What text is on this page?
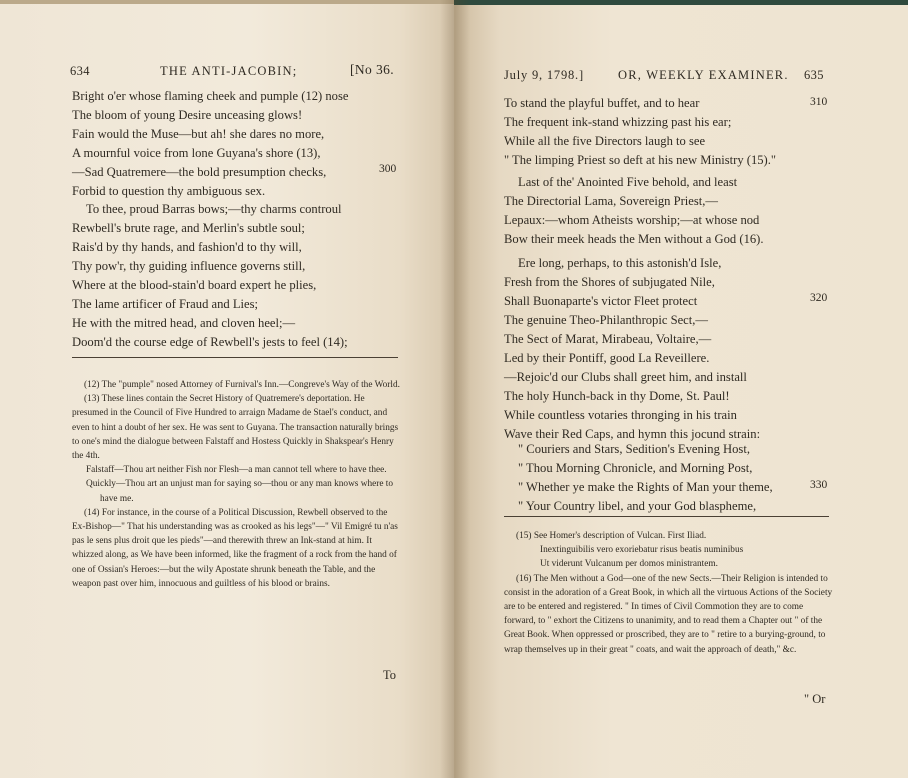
634	THE ANTI-JACOBIN;	[No 36.
Bright o'er whose flaming cheek and pumple (12) nose
The bloom of young Desire unceasing glows!
Fain would the Muse—but ah! she dares no more,
A mournful voice from lone Guyana's shore (13),
—Sad Quatremere—the bold presumption checks,
Forbid to question thy ambiguous sex.
300
To thee, proud Barras bows;—thy charms controul
Rewbell's brute rage, and Merlin's subtle soul;
Rais'd by thy hands, and fashion'd to thy will,
Thy pow'r, thy guiding influence governs still,
Where at the blood-stain'd board expert he plies,
The lame artificer of Fraud and Lies;
He with the mitred head, and cloven heel;—
Doom'd the course edge of Rewbell's jests to feel (14);

(12) The "pumple" nosed Attorney of Furnival's Inn.—Congreve's Way of the World.

(13) These lines contain the Secret History of Quatremere's deportation. He presumed in the Council of Five Hundred to arraign Madame de Stael's conduct, and even to hint a doubt of her sex. He was sent to Guyana. The transaction naturally brings to one's mind the dialogue between Falstaff and Hostess Quickly in Shakspear's Henry the 4th.

Falstaff—Thou art neither Fish nor Flesh—a man cannot tell where to have thee.

Quickly—Thou art an unjust man for saying so—thou or any man knows where to have me.

(14) For instance, in the course of a Political Discussion, Rewbell observed to the Ex-Bishop—" That his understanding was as crooked as his legs"—" Vil Emigré tu n'as pas le sens plus droit que les pieds"—and therewith threw an Ink-stand at him. It whizzed along, as We have been informed, like the fragment of a rock from the hand of one of Ossian's Heroes:—but the wily Apostate shrunk beneath the Table, and the weapon past over him, innocuous and guiltless of his blood or brains.

To
July 9, 1798.]	OR, WEEKLY EXAMINER. 635
To stand the playful buffet, and to hear
The frequent ink-stand whizzing past his ear;
While all the five Directors laugh to see
" The limping Priest so deft at his new Ministry (15)."
310
Last of the' Anointed Five behold, and least
The Directorial Lama, Sovereign Priest,—
Lepaux:—whom Atheists worship;—at whose nod
Bow their meek heads the Men without a God (16).
Ere long, perhaps, to this astonish'd Isle,
Fresh from the Shores of subjugated Nile,
Shall Buonaparte's victor Fleet protect
The genuine Theo-Philanthropic Sect,—
The Sect of Marat, Mirabeau, Voltaire,—
Led by their Pontiff, good La Reveillere.
—Rejoic'd our Clubs shall greet him, and install
The holy Hunch-back in thy Dome, St. Paul!
While countless votaries thronging in his train
Wave their Red Caps, and hymn this jocund strain:
320
" Couriers and Stars, Sedition's Evening Host,
" Thou Morning Chronicle, and Morning Post,
" Whether ye make the Rights of Man your theme,
" Your Country libel, and your God blaspheme,
330

(15) See Homer's description of Vulcan. First Iliad.

Inextinguibilis vero exoriebatur risus beatis numinibus

Ut viderunt Vulcanum per domos ministrantem.

(16) The Men without a God—one of the new Sects.—Their Religion is intended to consist in the adoration of a Great Book, in which all the virtuous Actions of the Society are to be entered and registered. " In times of Civil Commotion they are to come forward, to " exhort the Citizens to unanimity, and to read them a Chapter out " of the Great Book. When oppressed or proscribed, they are to " retire to a burying-ground, to wrap themselves up in their great " coats, and wait the approach of death," &c.

" Or
